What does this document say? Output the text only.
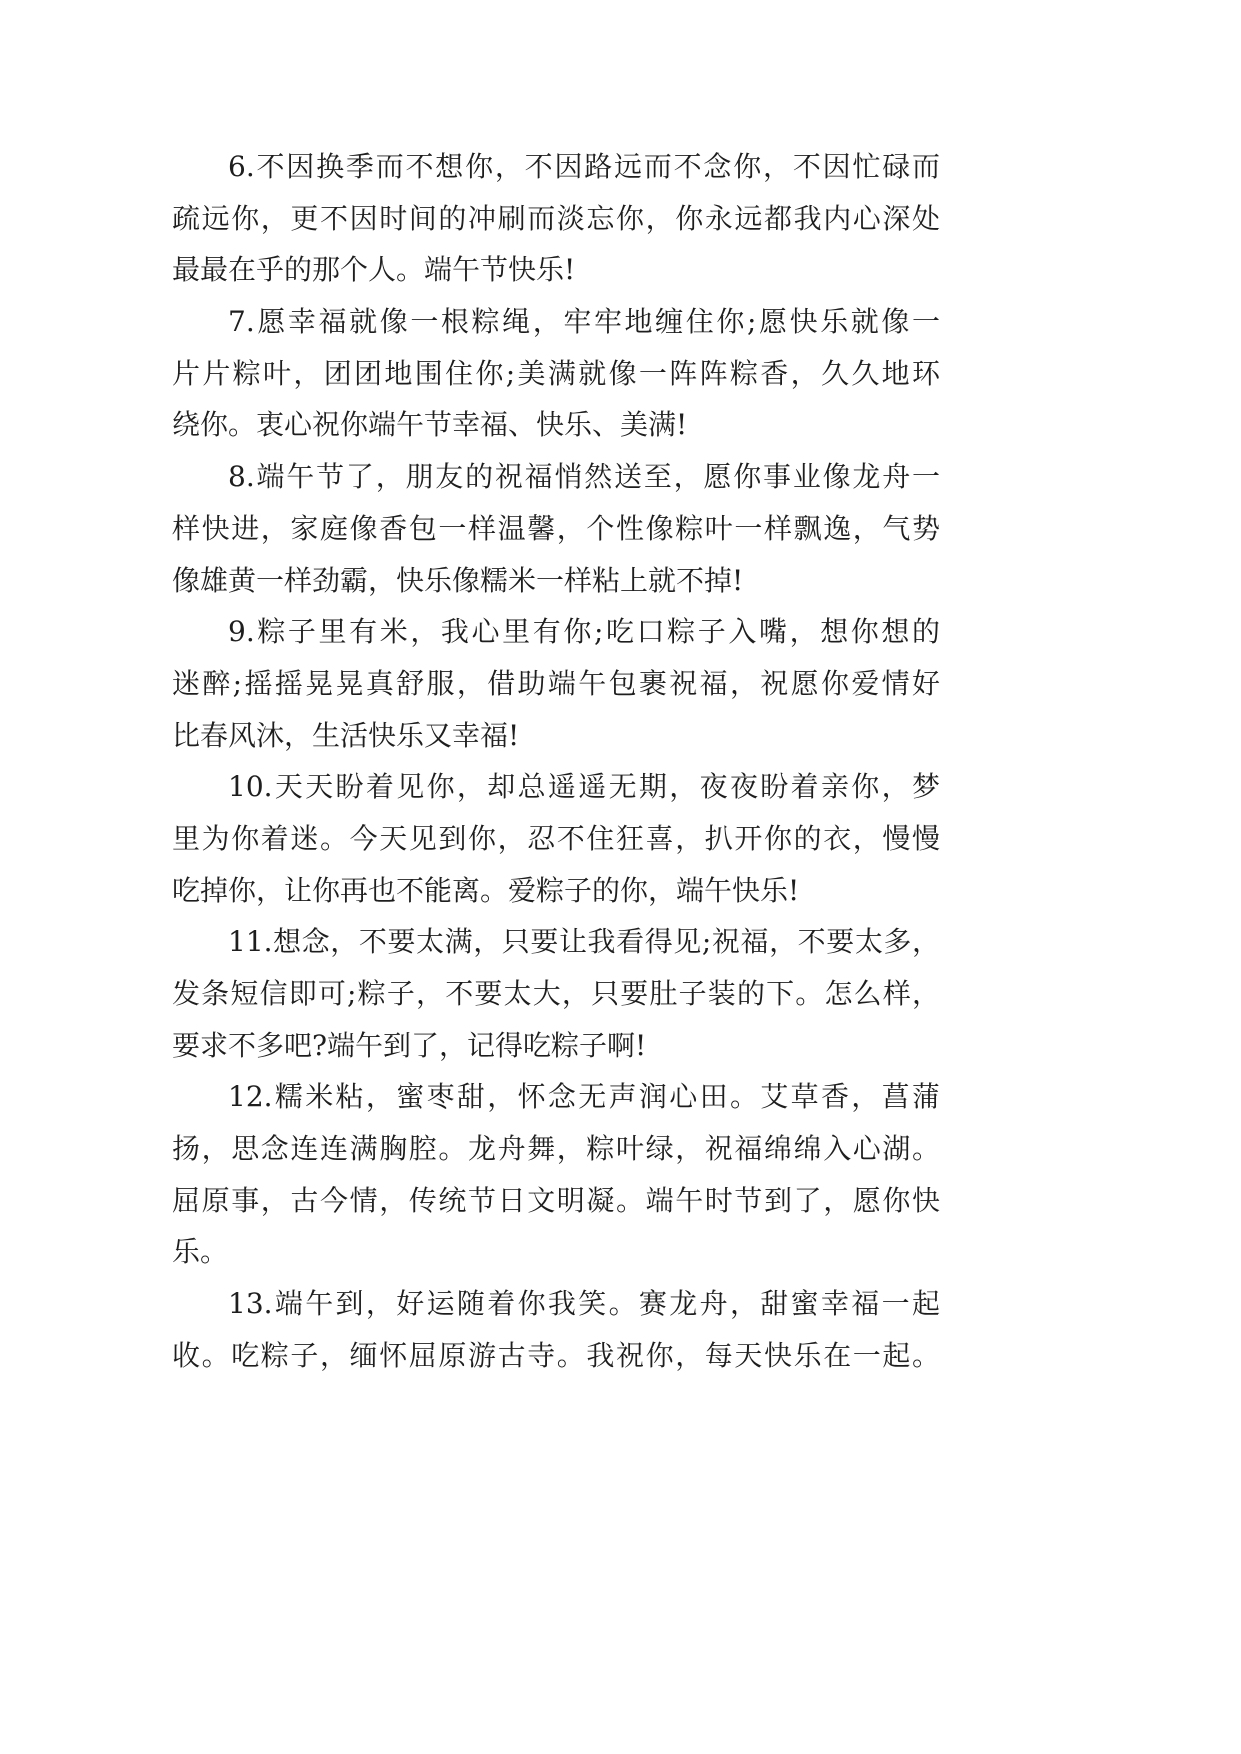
6.不因换季而不想你，不因路远而不念你，不因忙碌而
疏远你，更不因时间的冲刷而淡忘你，你永远都我内心深处
最最在乎的那个人。端午节快乐!
7.愿幸福就像一根粽绳，牢牢地缠住你;愿快乐就像一
片片粽叶，团团地围住你;美满就像一阵阵粽香，久久地环
绕你。衷心祝你端午节幸福、快乐、美满!
8.端午节了，朋友的祝福悄然送至，愿你事业像龙舟一
样快进，家庭像香包一样温馨，个性像粽叶一样飘逸，气势
像雄黄一样劲霸，快乐像糯米一样粘上就不掉!
9.粽子里有米，我心里有你;吃口粽子入嘴，想你想的
迷醉;摇摇晃晃真舒服，借助端午包裹祝福，祝愿你爱情好
比春风沐，生活快乐又幸福!
10.天天盼着见你，却总遥遥无期，夜夜盼着亲你，梦
里为你着迷。今天见到你，忍不住狂喜，扒开你的衣，慢慢
吃掉你，让你再也不能离。爱粽子的你，端午快乐!
11.想念，不要太满，只要让我看得见;祝福，不要太多，
发条短信即可;粽子，不要太大，只要肚子装的下。怎么样，
要求不多吧?端午到了，记得吃粽子啊!
12.糯米粘，蜜枣甜，怀念无声润心田。艾草香，菖蒲
扬，思念连连满胸腔。龙舟舞，粽叶绿，祝福绵绵入心湖。
屈原事，古今情，传统节日文明凝。端午时节到了，愿你快
乐。
13.端午到，好运随着你我笑。赛龙舟，甜蜜幸福一起
收。吃粽子，缅怀屈原游古寺。我祝你，每天快乐在一起。
